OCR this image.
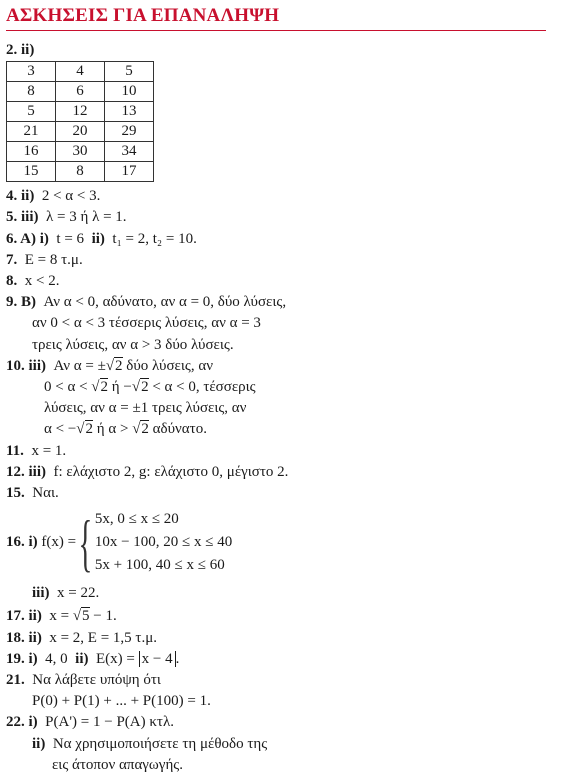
ΑΣΚΗΣΕΙΣ ΓΙΑ ΕΠΑΝΑΛΗΨΗ
2. ii)
3	4	5
8	6	10
5	12	13
21	20	29
16	30	34
15	8	17
4. ii) 2 < α < 3.
5. iii) λ = 3 ή λ = 1.
6. A) i) t = 6 ii) t₁ = 2, t₂ = 10.
7. E = 8 τ.μ.
8. x < 2.
9. B) Αν α < 0, αδύνατο, αν α = 0, δύο λύσεις,
αν 0 < α < 3 τέσσερις λύσεις, αν α = 3
τρεις λύσεις, αν α > 3 δύο λύσεις.
10. iii) Αν α = ±√2 δύο λύσεις, αν
0 < α < √2 ή −√2 < α < 0, τέσσερις
λύσεις, αν α = ±1 τρεις λύσεις, αν
α < −√2 ή α > √2 αδύνατο.
11. x = 1.
12. iii) f: ελάχιστο 2, g: ελάχιστο 0, μέγιστο 2.
15. Ναι.
16. i)
f(x) = { 5x, 0 ≤ x ≤ 20
10x − 100, 20 ≤ x ≤ 40
5x + 100, 40 ≤ x ≤ 60
iii) x = 22.
17. ii) x = √5 − 1.
18. ii) x = 2, E = 1,5 τ.μ.
19. i) 4, 0 ii) E(x) = x − 4 .
21. Να λάβετε υπόψη ότι
P(0) + P(1) + ... + P(100) = 1.
22. i) P(A') = 1 − P(A) κτλ.
ii) Να χρησιμοποιήσετε τη μέθοδο της
εις άτοπον απαγωγής.
